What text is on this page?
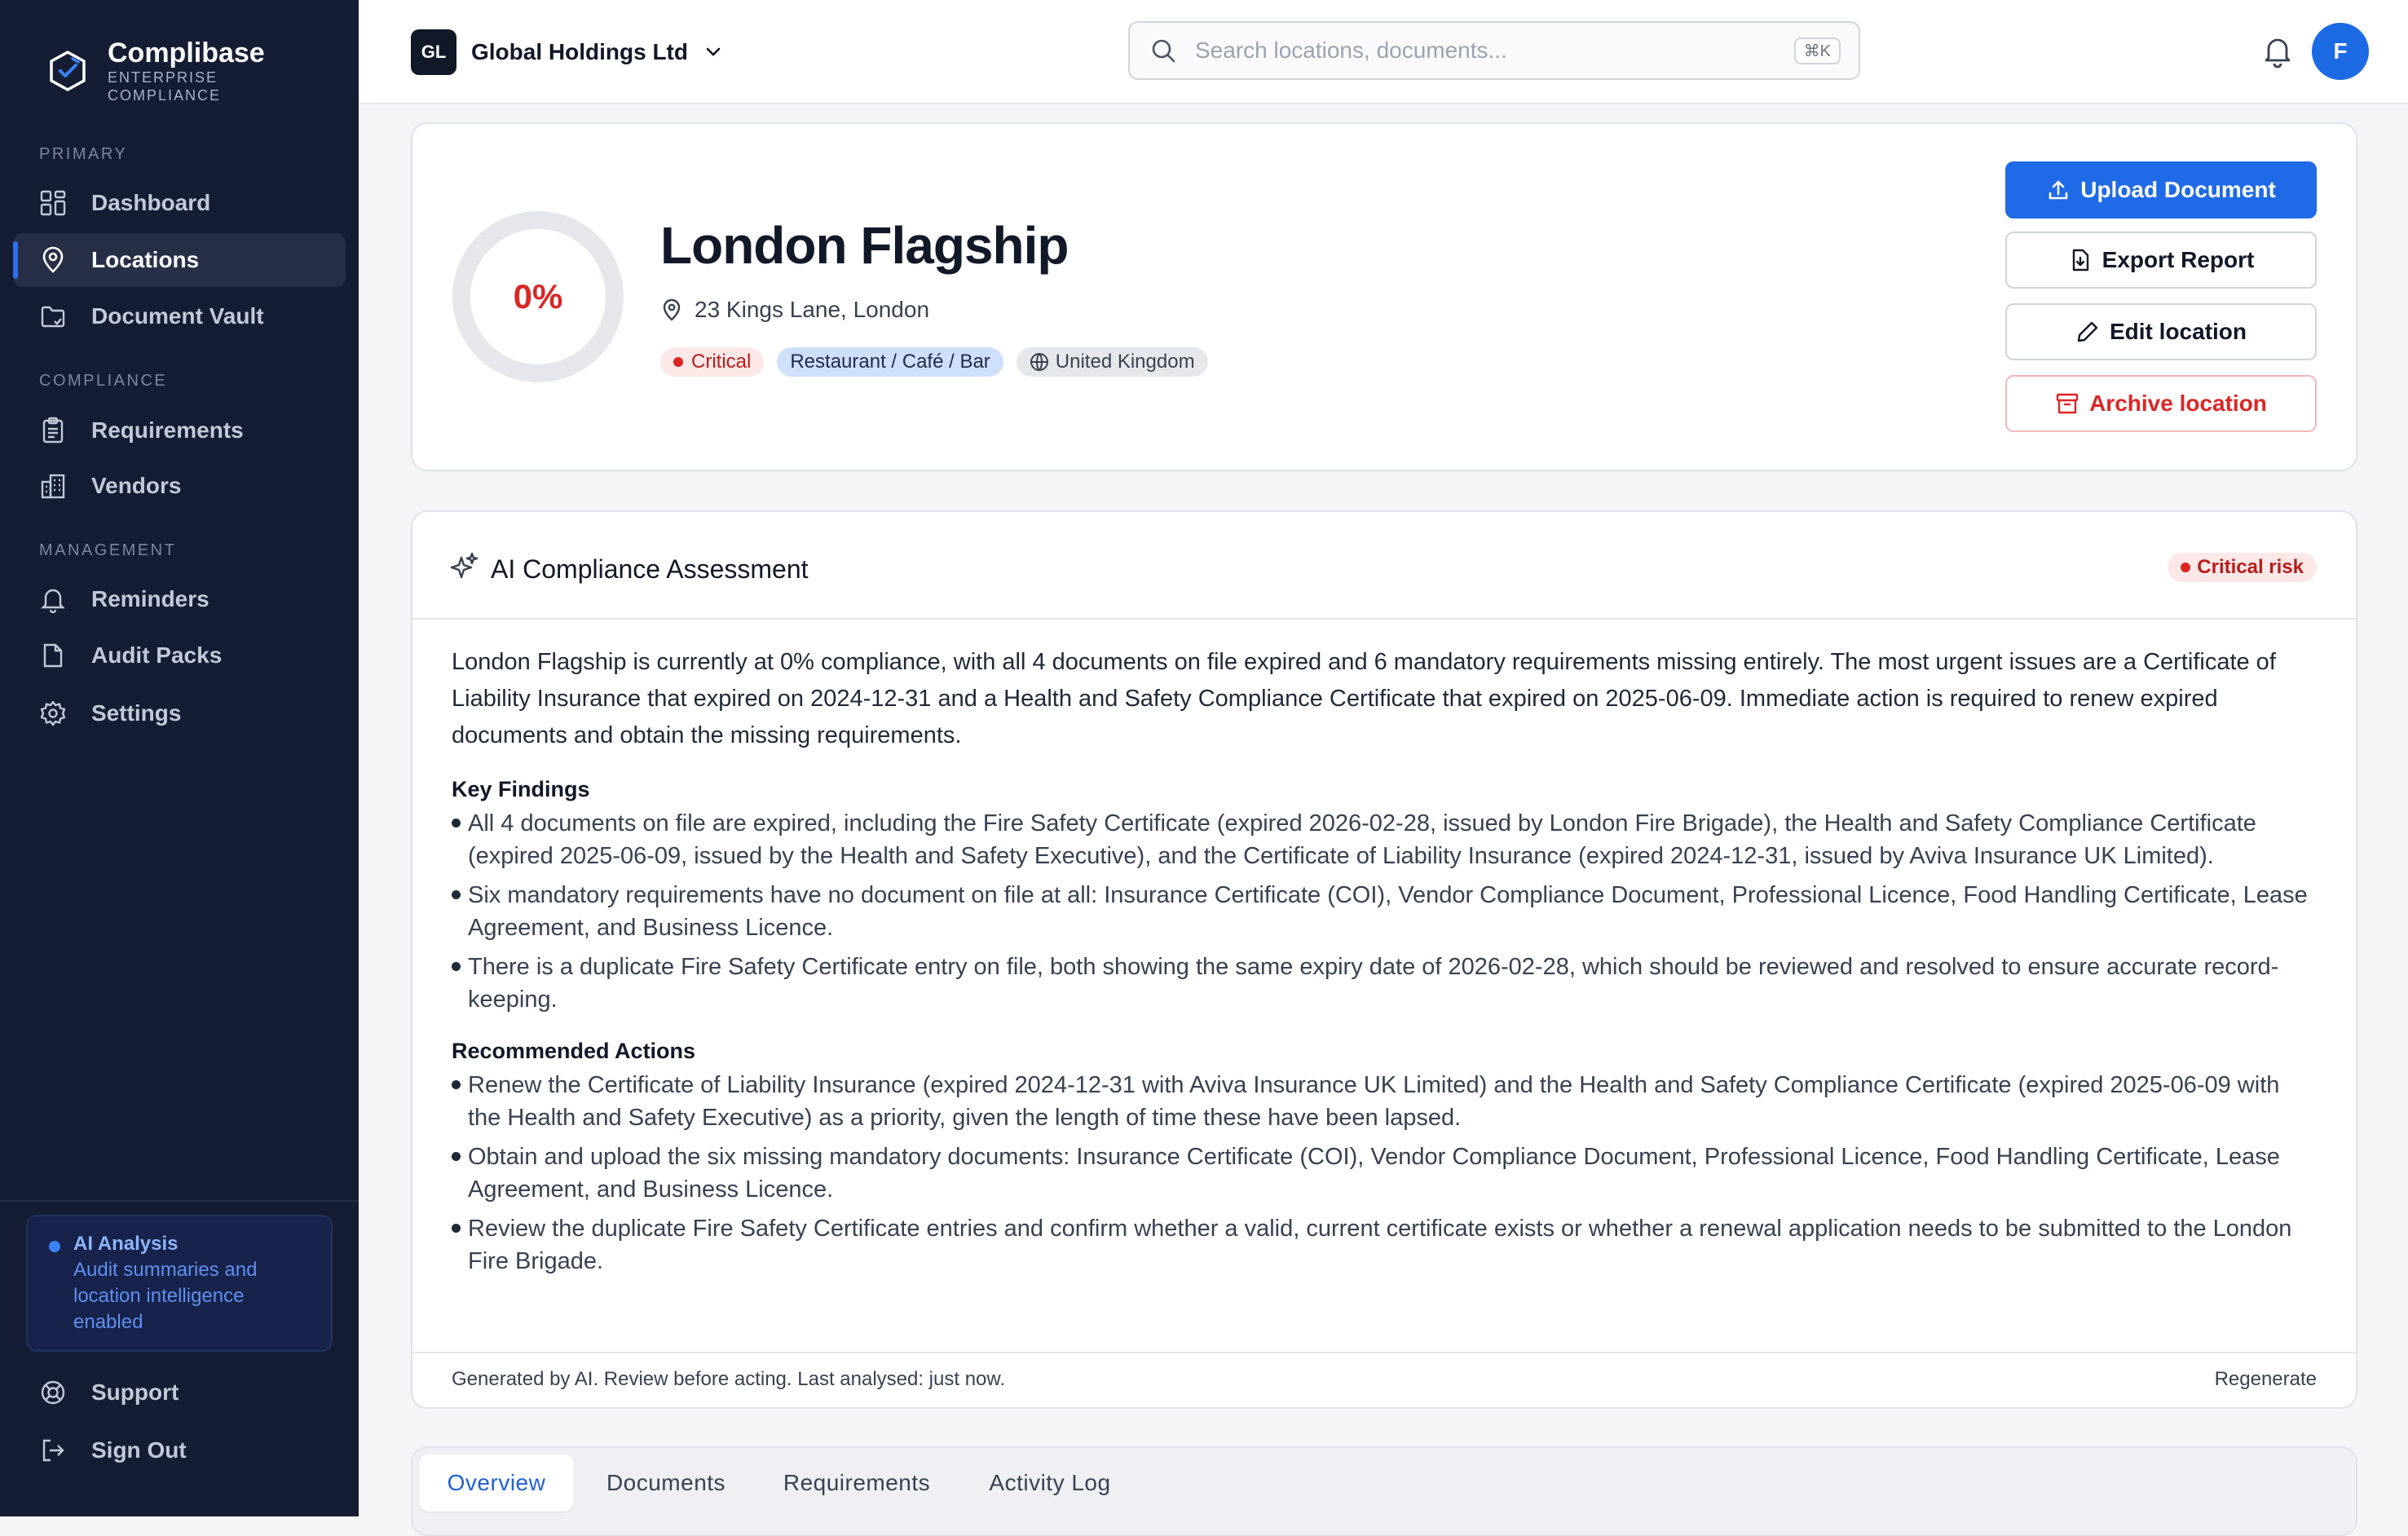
Complibase
ENTERPRISE
COMPLIANCE
PRIMARY
Dashboard
Locations
Document Vault
COMPLIANCE
Requirements
Vendors
MANAGEMENT
Reminders
Audit Packs
Settings
AI Analysis
Audit summaries and location intelligence enabled
Support
Sign Out
GL	Global Holdings Ltd
Search locations, documents...	⌘K	F
0%
London Flagship
23 Kings Lane, London
Critical	Restaurant / Café / Bar	United Kingdom
Upload Document
Export Report
Edit location
Archive location
AI Compliance Assessment	Critical risk

London Flagship is currently at 0% compliance, with all 4 documents on file expired and 6 mandatory requirements missing entirely. The most urgent issues are a Certificate of Liability Insurance that expired on 2024-12-31 and a Health and Safety Compliance Certificate that expired on 2025-06-09. Immediate action is required to renew expired documents and obtain the missing requirements.

Key Findings
All 4 documents on file are expired, including the Fire Safety Certificate (expired 2026-02-28, issued by London Fire Brigade), the Health and Safety Compliance Certificate (expired 2025-06-09, issued by the Health and Safety Executive), and the Certificate of Liability Insurance (expired 2024-12-31, issued by Aviva Insurance UK Limited).
Six mandatory requirements have no document on file at all: Insurance Certificate (COI), Vendor Compliance Document, Professional Licence, Food Handling Certificate, Lease Agreement, and Business Licence.
There is a duplicate Fire Safety Certificate entry on file, both showing the same expiry date of 2026-02-28, which should be reviewed and resolved to ensure accurate record-keeping.
Recommended Actions
Renew the Certificate of Liability Insurance (expired 2024-12-31 with Aviva Insurance UK Limited) and the Health and Safety Compliance Certificate (expired 2025-06-09 with the Health and Safety Executive) as a priority, given the length of time these have been lapsed.
Obtain and upload the six missing mandatory documents: Insurance Certificate (COI), Vendor Compliance Document, Professional Licence, Food Handling Certificate, Lease Agreement, and Business Licence.
Review the duplicate Fire Safety Certificate entries and confirm whether a valid, current certificate exists or whether a renewal application needs to be submitted to the London Fire Brigade.
Generated by AI. Review before acting. Last analysed: just now.	Regenerate
Overview	Documents	Requirements	Activity Log
